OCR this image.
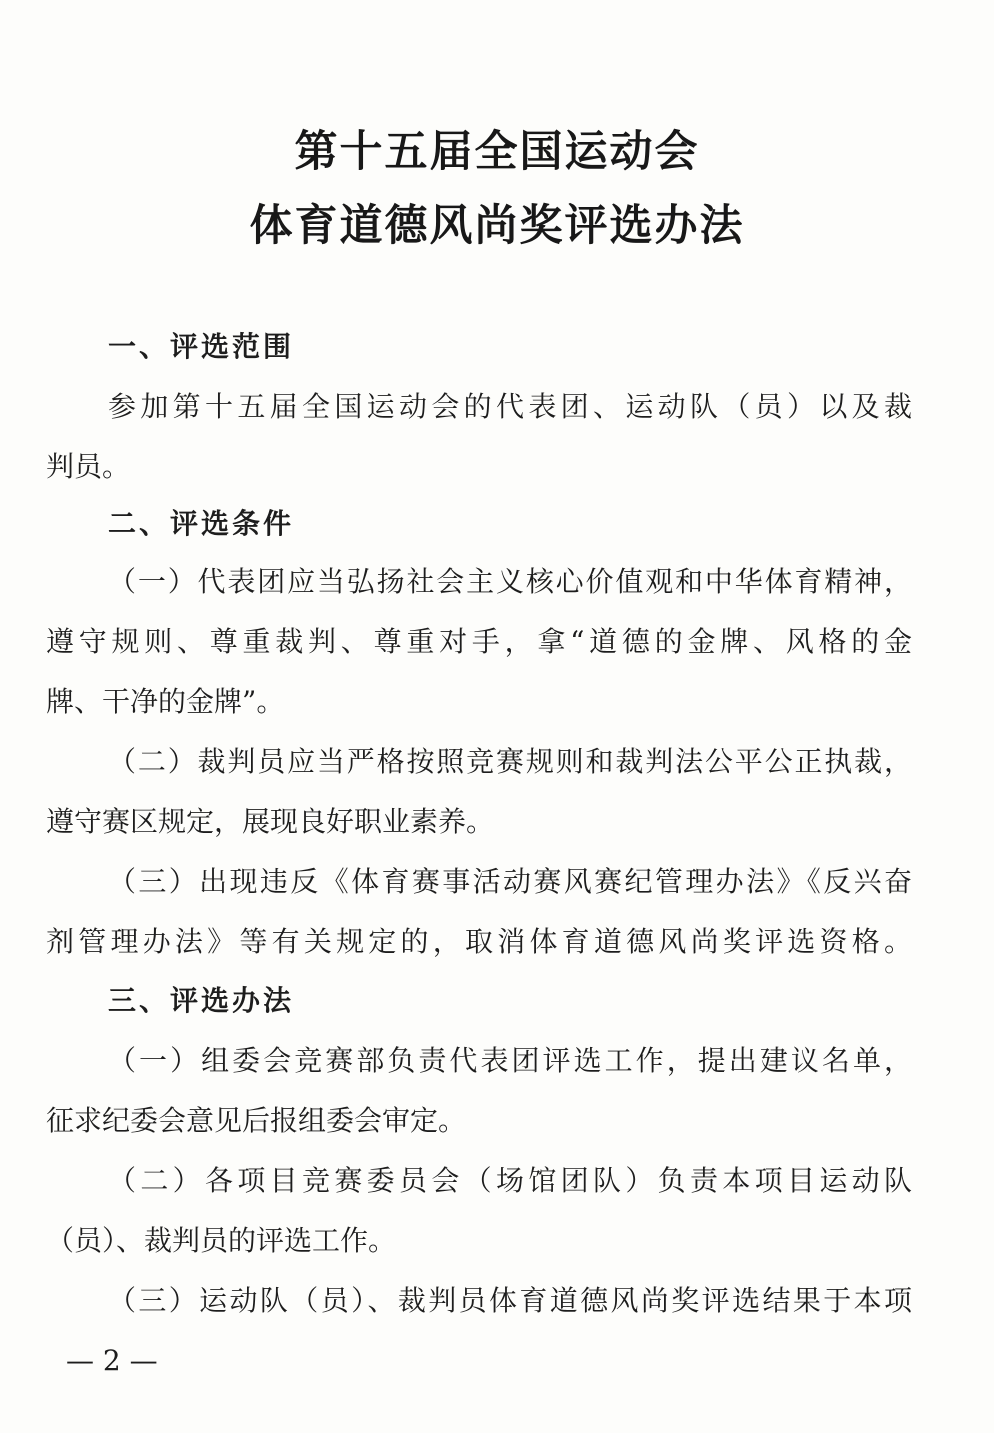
第十五届全国运动会
体育道德风尚奖评选办法
一、评选范围
参加第十五届全国运动会的代表团、运动队（员）以及裁
判员。
二、评选条件
（一）代表团应当弘扬社会主义核心价值观和中华体育精神，
遵守规则、尊重裁判、尊重对手，拿“道德的金牌、风格的金
牌、干净的金牌”。
（二）裁判员应当严格按照竞赛规则和裁判法公平公正执裁，
遵守赛区规定，展现良好职业素养。
（三）出现违反《体育赛事活动赛风赛纪管理办法》《反兴奋
剂管理办法》等有关规定的，取消体育道德风尚奖评选资格。
三、评选办法
（一）组委会竞赛部负责代表团评选工作，提出建议名单，
征求纪委会意见后报组委会审定。
（二）各项目竞赛委员会（场馆团队）负责本项目运动队
（员）、裁判员的评选工作。
（三）运动队（员）、裁判员体育道德风尚奖评选结果于本项
— 2 —
